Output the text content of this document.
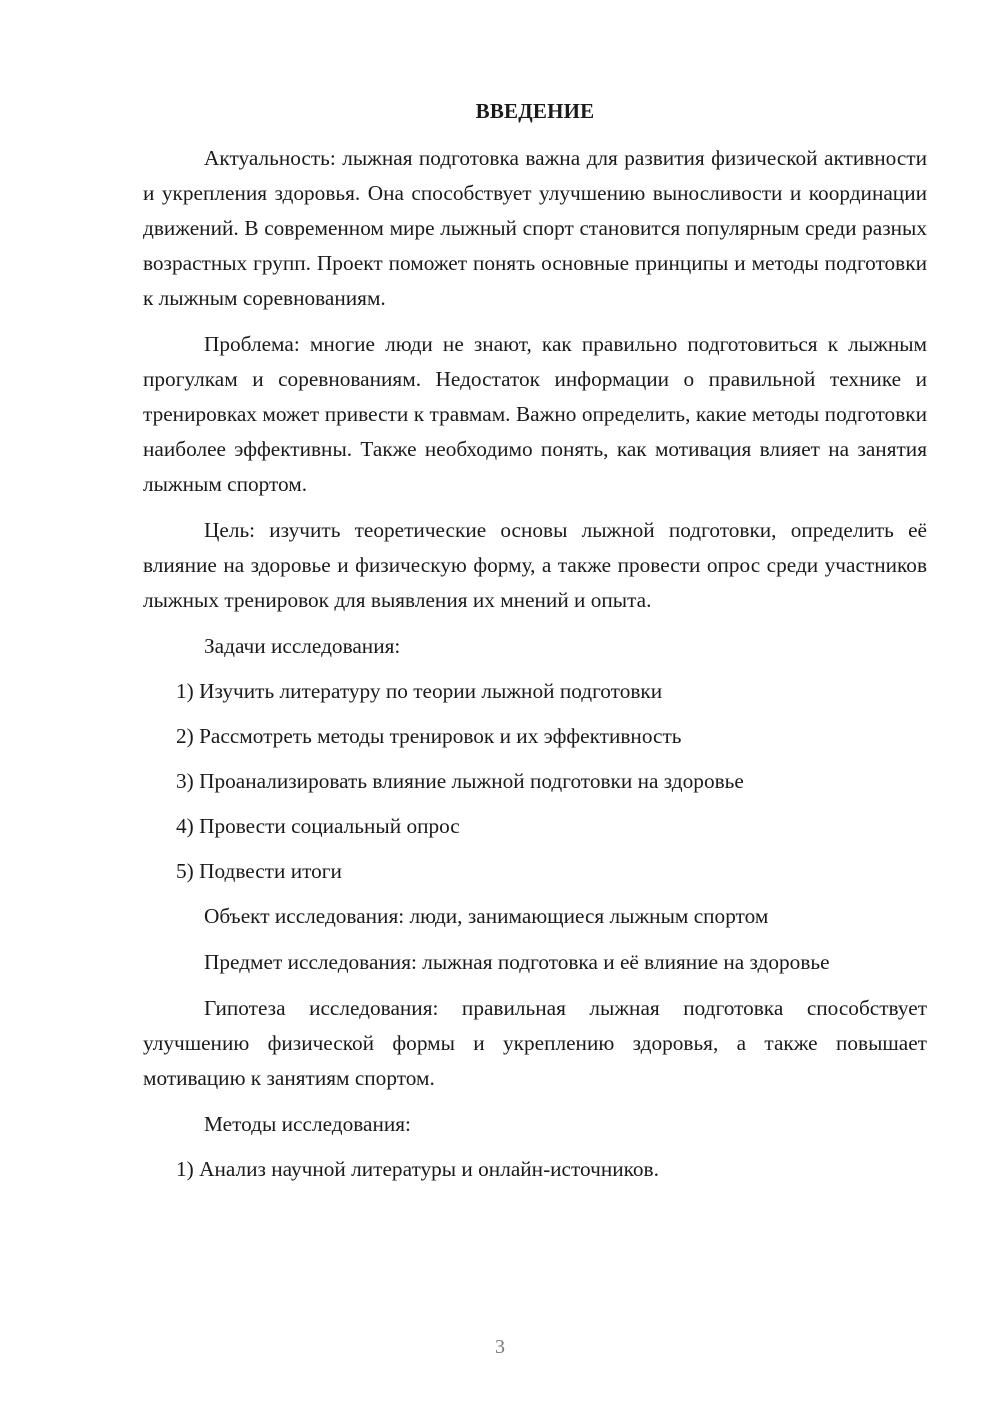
ВВЕДЕНИЕ

Актуальность: лыжная подготовка важна для развития физической активности и укрепления здоровья. Она способствует улучшению выносливости и координации движений. В современном мире лыжный спорт становится популярным среди разных возрастных групп. Проект поможет понять основные принципы и методы подготовки к лыжным соревнованиям.

Проблема: многие люди не знают, как правильно подготовиться к лыжным прогулкам и соревнованиям. Недостаток информации о правильной технике и тренировках может привести к травмам. Важно определить, какие методы подготовки наиболее эффективны. Также необходимо понять, как мотивация влияет на занятия лыжным спортом.

Цель: изучить теоретические основы лыжной подготовки, определить её влияние на здоровье и физическую форму, а также провести опрос среди участников лыжных тренировок для выявления их мнений и опыта.

Задачи исследования:

1) Изучить литературу по теории лыжной подготовки

2) Рассмотреть методы тренировок и их эффективность

3) Проанализировать влияние лыжной подготовки на здоровье

4) Провести социальный опрос

5) Подвести итоги

Объект исследования: люди, занимающиеся лыжным спортом

Предмет исследования: лыжная подготовка и её влияние на здоровье

Гипотеза исследования: правильная лыжная подготовка способствует улучшению физической формы и укреплению здоровья, а также повышает мотивацию к занятиям спортом.

Методы исследования:

1) Анализ научной литературы и онлайн-источников.

3
